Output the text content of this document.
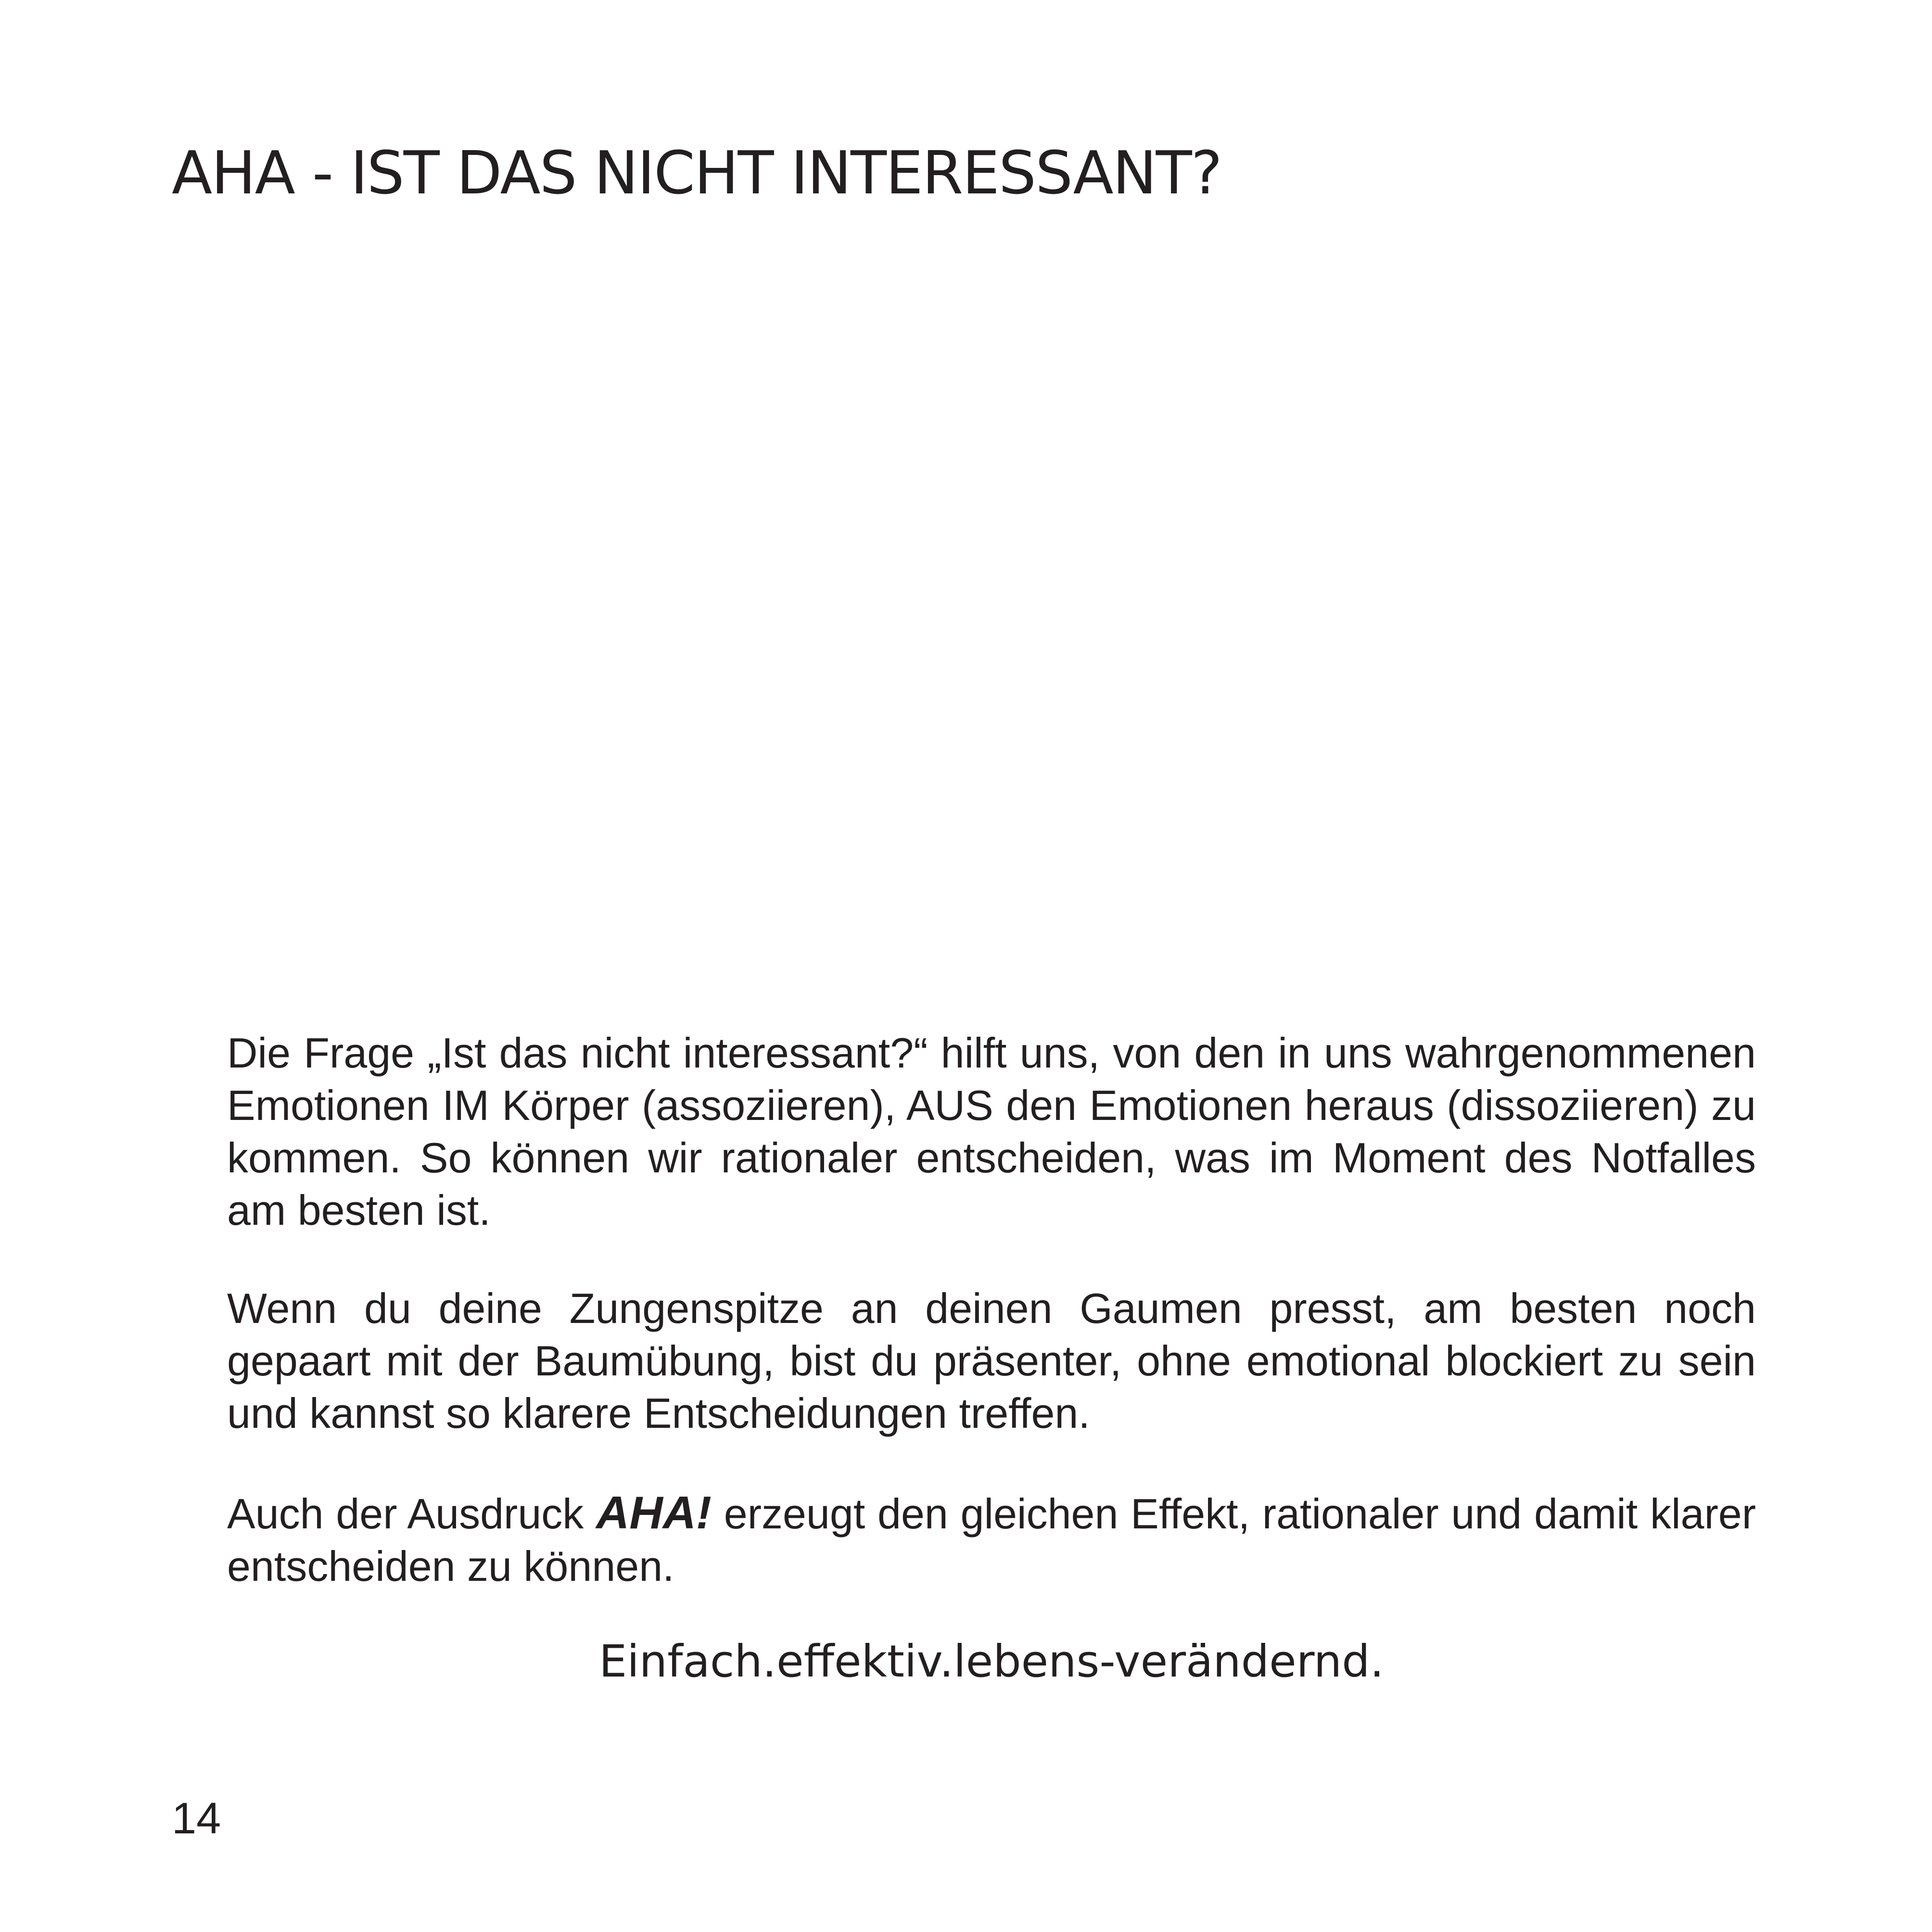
AHA - IST DAS NICHT INTERESSANT?

Die Frage „Ist das nicht interessant?“ hilft uns, von den in uns wahrgenommenen Emotionen IM Körper (assoziieren), AUS den Emotionen heraus (dissoziieren) zu kommen. So können wir rationaler entscheiden, was im Moment des Notfalles am besten ist.

Wenn du deine Zungenspitze an deinen Gaumen presst, am besten noch gepaart mit der Baumübung, bist du präsenter, ohne emotional blockiert zu sein und kannst so klarere Entscheidungen treffen.

Auch der Ausdruck AHA! erzeugt den gleichen Effekt, rationaler und damit klarer entscheiden zu können.

Einfach.effektiv.lebens-verändernd.
14
